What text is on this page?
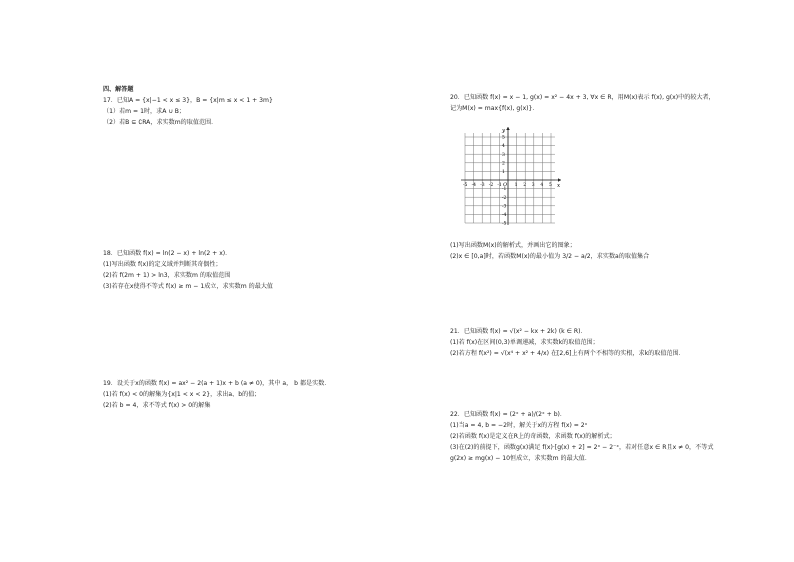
四、解答题
17．已知A = {x|−1 < x ≤ 3}，B = {x|m ≤ x < 1 + 3m}
（1）若m = 1时，求A ∪ B；
（2）若B ⊆ ∁RA，求实数m的取值范围．
18．已知函数 f(x) = ln(2 − x) + ln(2 + x)．
(1)写出函数 f(x)的定义域并判断其奇偶性；
(2)若 f(2m + 1) > ln3，求实数m 的取值范围
(3)若存在x使得不等式 f(x) ≥ m − 1成立，求实数m 的最大值
19．设关于x的函数 f(x) = ax² − 2(a + 1)x + b (a ≠ 0)，其中 a， b 都是实数．
(1)若 f(x) < 0的解集为{x|1 < x < 2}，求出a、b的值；
(2)若 b = 4，求不等式 f(x) > 0的解集
20．已知函数 f(x) = x − 1, g(x) = x² − 4x + 3, ∀x ∈ R，用M(x)表示 f(x), g(x)中的较大者，
记为M(x) = max{f(x), g(x)}．
x
y
O
-5 -4 -3 -2 -1	1 2 3 4 5
5
4
3
2
1
-1
-2
-3
-4
-5
(1)写出函数M(x)的解析式，并画出它的图象；
(2)x ∈ [0,a]时，若函数M(x)的最小值为 3/2 − a/2，求实数a的取值集合
21．已知函数 f(x) = √(x² − kx + 2k) (k ∈ R)．
(1)若 f(x)在区间(0,3)单调递减，求实数k的取值范围；
(2)若方程 f(x²) = √(x⁴ + x² + 4/x) 在[2,6]上有两个不相等的实根，求k的取值范围．
22．已知函数 f(x) = (2ˣ + a)/(2ˣ + b)．
(1)当a = 4, b = −2时，解关于x的方程 f(x) = 2ˣ
(2)若函数 f(x)是定义在R上的奇函数，求函数 f(x)的解析式；
(3)在(2)的前提下，函数g(x)满足 f(x)·[g(x) + 2] = 2ˣ − 2⁻ˣ，若对任意x ∈ R且x ≠ 0，不等式
g(2x) ≥ mg(x) − 10恒成立，求实数m 的最大值．
